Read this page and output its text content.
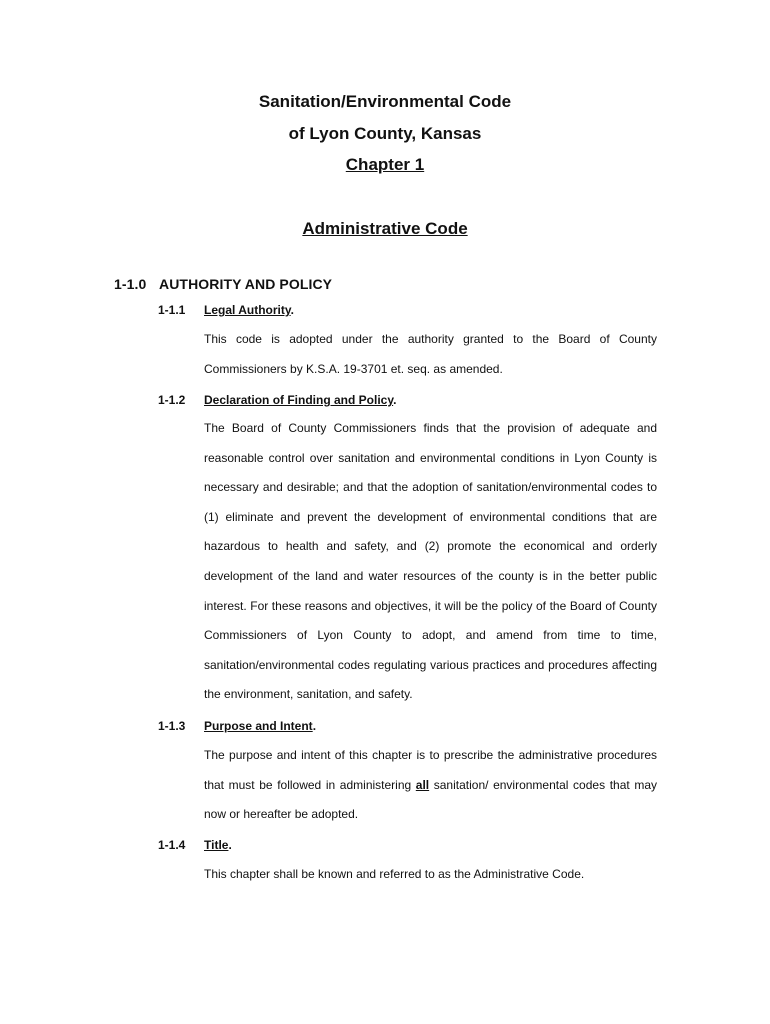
Sanitation/Environmental Code
of Lyon County, Kansas
Chapter 1
Administrative Code
1-1.0 AUTHORITY AND POLICY
1-1.1 Legal Authority.
This code is adopted under the authority granted to the Board of County Commissioners by K.S.A. 19-3701 et. seq. as amended.
1-1.2 Declaration of Finding and Policy.
The Board of County Commissioners finds that the provision of adequate and reasonable control over sanitation and environmental conditions in Lyon County is necessary and desirable; and that the adoption of sanitation/environmental codes to (1) eliminate and prevent the development of environmental conditions that are hazardous to health and safety, and (2) promote the economical and orderly development of the land and water resources of the county is in the better public interest. For these reasons and objectives, it will be the policy of the Board of County Commissioners of Lyon County to adopt, and amend from time to time, sanitation/environmental codes regulating various practices and procedures affecting the environment, sanitation, and safety.
1-1.3 Purpose and Intent.
The purpose and intent of this chapter is to prescribe the administrative procedures that must be followed in administering all sanitation/ environmental codes that may now or hereafter be adopted.
1-1.4 Title.
This chapter shall be known and referred to as the Administrative Code.
